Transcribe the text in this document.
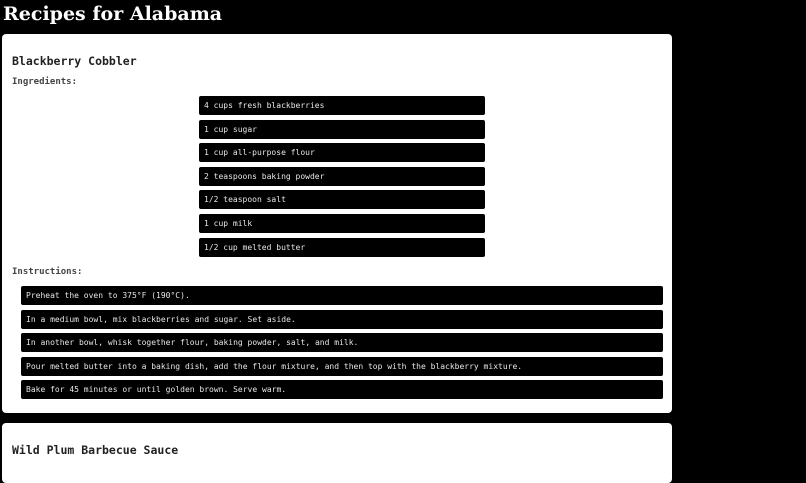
Recipes for Alabama
Blackberry Cobbler
Ingredients:
4 cups fresh blackberries
1 cup sugar
1 cup all-purpose flour
2 teaspoons baking powder
1/2 teaspoon salt
1 cup milk
1/2 cup melted butter
Instructions:
Preheat the oven to 375°F (190°C).
In a medium bowl, mix blackberries and sugar. Set aside.
In another bowl, whisk together flour, baking powder, salt, and milk.
Pour melted butter into a baking dish, add the flour mixture, and then top with the blackberry mixture.
Bake for 45 minutes or until golden brown. Serve warm.
Wild Plum Barbecue Sauce
